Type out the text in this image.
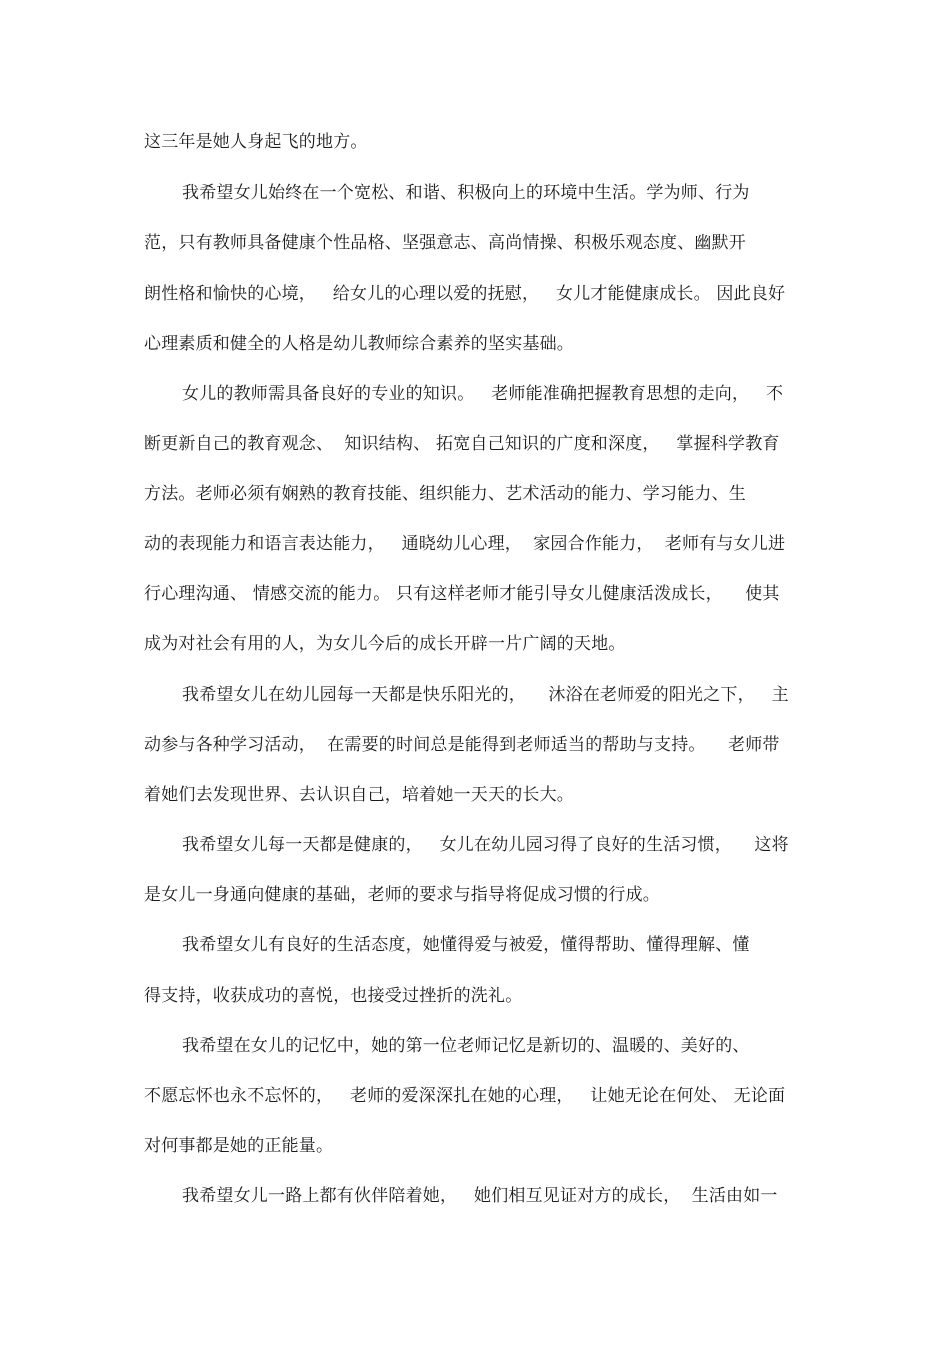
这三年是她人身起飞的地方。
我希望女儿始终在一个宽松、和谐、积极向上的环境中生活。学为师、行为
范，只有教师具备健康个性品格、坚强意志、高尚情操、积极乐观态度、幽默开
朗性格和愉快的心境，   给女儿的心理以爱的抚慰，   女儿才能健康成长。 因此良好
心理素质和健全的人格是幼儿教师综合素养的坚实基础。
女儿的教师需具备良好的专业的知识。   老师能准确把握教育思想的走向，   不
断更新自己的教育观念、  知识结构、 拓宽自己知识的广度和深度，   掌握科学教育
方法。老师必须有娴熟的教育技能、组织能力、艺术活动的能力、学习能力、生
动的表现能力和语言表达能力，   通晓幼儿心理，  家园合作能力，  老师有与女儿进
行心理沟通、 情感交流的能力。 只有这样老师才能引导女儿健康活泼成长，    使其
成为对社会有用的人，为女儿今后的成长开辟一片广阔的天地。
我希望女儿在幼儿园每一天都是快乐阳光的，    沐浴在老师爱的阳光之下，   主
动参与各种学习活动，  在需要的时间总是能得到老师适当的帮助与支持。    老师带
着她们去发现世界、去认识自己，培着她一天天的长大。
我希望女儿每一天都是健康的，   女儿在幼儿园习得了良好的生活习惯，    这将
是女儿一身通向健康的基础，老师的要求与指导将促成习惯的行成。
我希望女儿有良好的生活态度，她懂得爱与被爱，懂得帮助、懂得理解、懂
得支持，收获成功的喜悦，也接受过挫折的洗礼。
我希望在女儿的记忆中，她的第一位老师记忆是新切的、温暖的、美好的、
不愿忘怀也永不忘怀的，   老师的爱深深扎在她的心理，   让她无论在何处、 无论面
对何事都是她的正能量。
我希望女儿一路上都有伙伴陪着她，   她们相互见证对方的成长，  生活由如一
